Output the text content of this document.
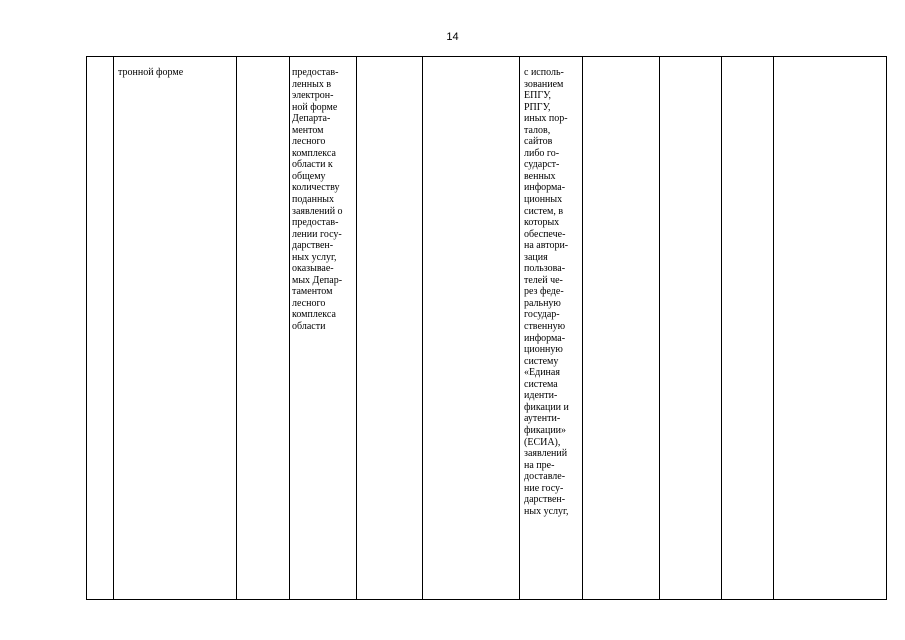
14

тронной форме	предостав-
ленных в
электрон-
ной форме
Департа-
ментом
лесного
комплекса
области к
общему
количеству
поданных
заявлений о
предостав-
лении госу-
дарствен-
ных услуг,
оказывае-
мых Депар-
таментом
лесного
комплекса
области

с исполь-
зованием
ЕПГУ,
РПГУ,
иных пор-
талов,
сайтов
либо го-
сударст-
венных
информа-
ционных
систем, в
которых
обеспече-
на автори-
зация
пользова-
телей че-
рез феде-
ральную
государ-
ственную
информа-
ционную
систему
«Единая
система
иденти-
фикации и
аутенти-
фикации»
(ЕСИА),
заявлений
на пре-
доставле-
ние госу-
дарствен-
ных услуг,
